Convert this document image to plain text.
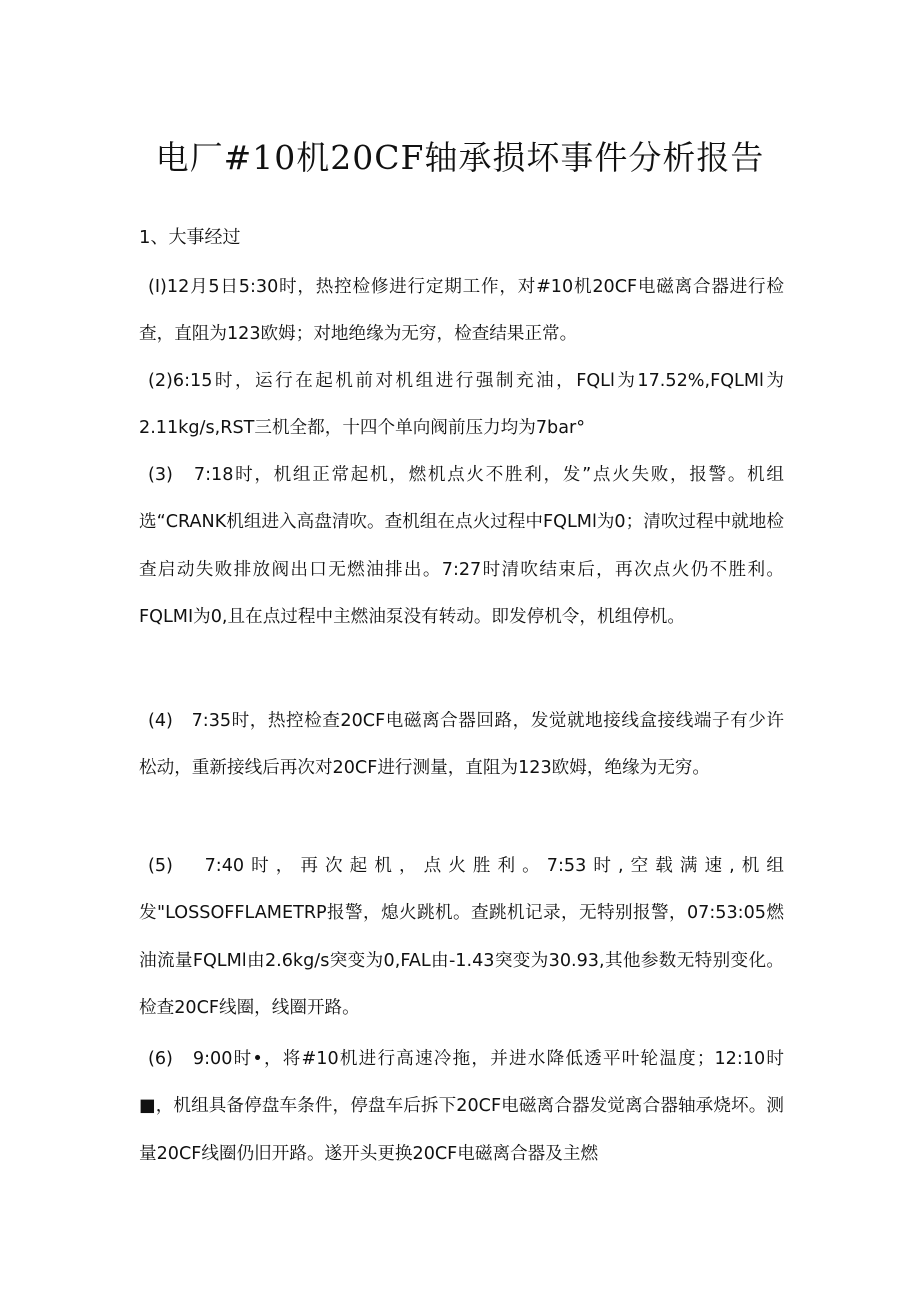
电厂#10机20CF轴承损坏事件分析报告

1、大事经过

(I)12月5日5:30时，热控检修进行定期工作，对#10机20CF电磁离合器进行检查，直阻为123欧姆；对地绝缘为无穷，检查结果正常。

(2)6:15时，运行在起机前对机组进行强制充油，FQLl为17.52%,FQLMl为2.11kg∕s,RST三机全都，十四个单向阀前压力均为7bar°

(3)　7:18时，机组正常起机，燃机点火不胜利，发”点火失败，报警。机组选“CRANK机组进入高盘清吹。查机组在点火过程中FQLMl为0；清吹过程中就地检查启动失败排放阀出口无燃油排出。7:27时清吹结束后，再次点火仍不胜利。FQLMI为0,且在点过程中主燃油泵没有转动。即发停机令，机组停机。

(4)　7:35时，热控检查20CF电磁离合器回路，发觉就地接线盒接线端子有少许松动，重新接线后再次对20CF进行测量，直阻为123欧姆，绝缘为无穷。

(5)　7:40时，再次起机，点火胜利。7:53时,空载满速,机组发"LOSSOFFLAMETRP报警，熄火跳机。查跳机记录，无特别报警，07:53:05燃油流量FQLMl由2.6kg∕s突变为0,FAL由-1.43突变为30.93,其他参数无特别变化。检查20CF线圈，线圈开路。

(6)　9:00时•，将#10机进行高速冷拖，并进水降低透平叶轮温度；12:10时■，机组具备停盘车条件，停盘车后拆下20CF电磁离合器发觉离合器轴承烧坏。测量20CF线圈仍旧开路。遂开头更换20CF电磁离合器及主燃
